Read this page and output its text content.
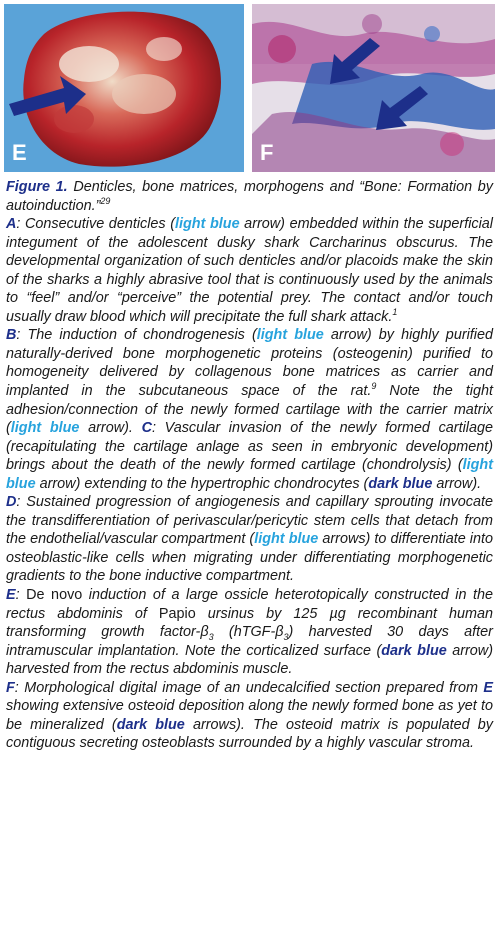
E	F

Figure 1. Denticles, bone matrices, morphogens and “Bone: Formation by autoinduction.”$^{29}$

A: Consecutive denticles (light blue arrow) embedded within the superficial integument of the adolescent dusky shark Carcharinus obscurus. The developmental organization of such denticles and/or placoids make the skin of the sharks a highly abrasive tool that is continuously used by the animals to “feel” and/or “perceive” the potential prey. The contact and/or touch usually draw blood which will precipitate the full shark attack.$^1$

B: The induction of chondrogenesis (light blue arrow) by highly purified naturally-derived bone morphogenetic proteins (osteogenin) purified to homogeneity delivered by collagenous bone matrices as carrier and implanted in the subcutaneous space of the rat.$^9$ Note the tight adhesion/connection of the newly formed cartilage with the carrier matrix (light blue arrow). C: Vascular invasion of the newly formed cartilage (recapitulating the cartilage anlage as seen in embryonic development) brings about the death of the newly formed cartilage (chondrolysis) (light blue arrow) extending to the hypertrophic chondrocytes (dark blue arrow).

D: Sustained progression of angiogenesis and capillary sprouting invocate the transdifferentiation of perivascular/pericytic stem cells that detach from the endothelial/vascular compartment (light blue arrows) to differentiate into osteoblastic-like cells when migrating under differentiating morphogenetic gradients to the bone inductive compartment.

E: De novo induction of a large ossicle heterotopically constructed in the rectus abdominis of Papio ursinus by 125 µg recombinant human transforming growth factor-$\beta_3$ $(hTGF-\beta_3)$ harvested 30 days after intramuscular implantation. Note the corticalized surface (dark blue arrow) harvested from the rectus abdominis muscle.

F: Morphological digital image of an undecalcified section prepared from E showing extensive osteoid deposition along the newly formed bone as yet to be mineralized (dark blue arrows). The osteoid matrix is populated by contiguous secreting osteoblasts surrounded by a highly vascular stroma.
